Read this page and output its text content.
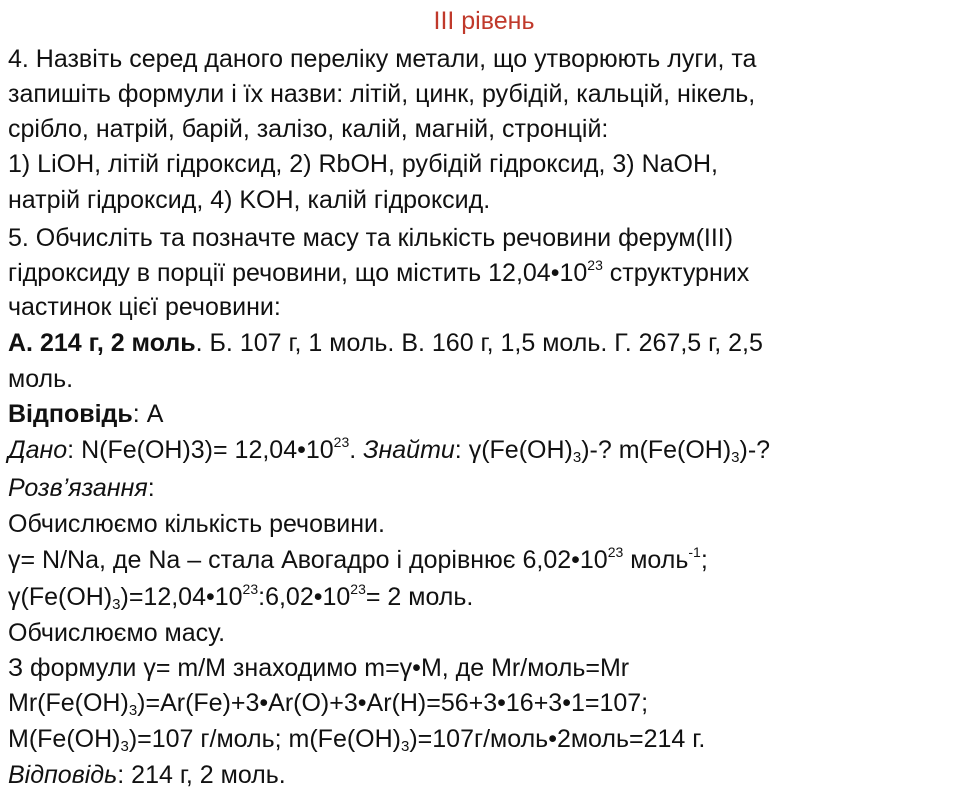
III рівень
4. Назвіть серед даного переліку метали, що утворюють луги, та
запишіть формули і їх назви: літій, цинк, рубідій, кальцій, нікель,
срібло, натрій, барій, залізо, калій, магній, стронцій:
1) LiOH, літій гідроксид, 2) RbOH, рубідій гідроксид, 3) NaOH,
натрій гідроксид, 4) KOH, калій гідроксид.
5. Обчисліть та позначте масу та кількість речовини ферум(III)
гідроксиду в порції речовини, що містить $12,04•10^{23}$ структурних
частинок цієї речовини:
А. 214 г, 2 моль. Б. 107 г, 1 моль. В. 160 г, 1,5 моль. Г. 267,5 г, 2,5
моль.
Відповідь: А
Дано: $N(Fe(OH)3)= 12,04•10^{23}$. Знайти: $\gamma(Fe(OH)_3)-$? $m(Fe(OH)_3)-$?
Розв’язання:
Обчислюємо кількість речовини.
γ= N/Na, де Na – стала Авогадро і дорівнює $6,02•10^{23}$ моль$^{-1}$;
$\gamma(Fe(OH)_3)=12,04•10^{23}:6,02•10^{23}= 2$ моль.
Обчислюємо масу.
З формули γ= m/M знаходимо m=γ•M, де Mr/моль=Mr
$Mr(Fe(OH)_3)=Ar(Fe)+3•Ar(O)+3•Ar(H)=56+3•16+3•1=107$;
$M(Fe(OH)_3)=107$ г/моль; $m(Fe(OH)_3)=107г/моль•2моль=214$ г.
Відповідь: 214 г, 2 моль.
